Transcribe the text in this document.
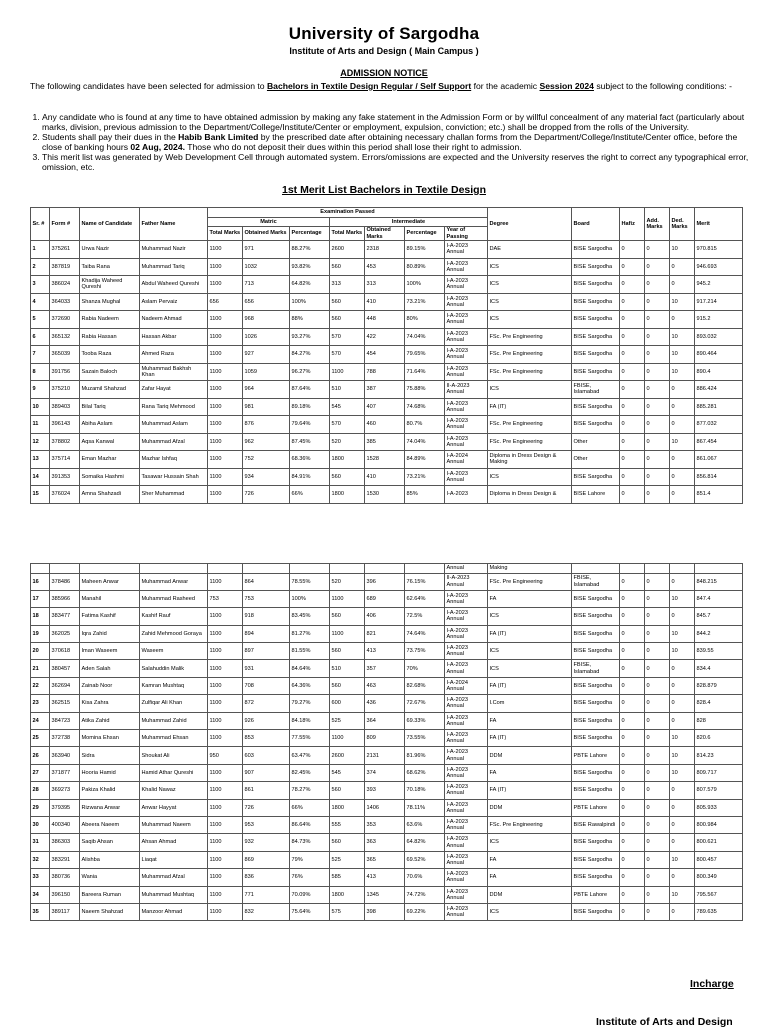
University of Sargodha
Institute of Arts and Design ( Main Campus )
ADMISSION NOTICE
The following candidates have been selected for admission to Bachelors in Textile Design Regular / Self Support for the academic Session 2024 subject to the following conditions: -
1. Any candidate who is found at any time to have obtained admission by making any fake statement in the Admission Form or by willful concealment of any material fact (particularly about marks, division, previous admission to the Department/College/Institute/Center or employment, expulsion, conviction; etc.) shall be dropped from the rolls of the University.
2. Students shall pay their dues in the Habib Bank Limited by the prescribed date after obtaining necessary challan forms from the Department/College/Institute/Center office, before the close of banking hours 02 Aug, 2024. Those who do not deposit their dues within this period shall lose their right to admission.
3. This merit list was generated by Web Development Cell through automated system. Errors/omissions are expected and the University reserves the right to correct any typographical error, omission, etc.
1st Merit List Bachelors in Textile Design
Sr. #	Form #	Name of Candidate	Father Name	Examination Passed							Degree	Board	Hafiz	Add. Marks	Ded. Marks	Merit
				Matric			Intermediate									
				Total Marks	Obtained Marks	Percentage	Total Marks	Obtained Marks	Percentage	Year of Passing						
1	375261	Urwa Nazir	Muhammad Nazir	1100	971	88.27%	2600	2318	89.15%	I-A-2023 Annual	DAE	BISE Sargodha	0	0	10	970.815
2	387819	Taiba Rana	Muhammad Tariq	1100	1032	93.82%	560	453	80.89%	I-A-2023 Annual	ICS	BISE Sargodha	0	0	0	946.693
3	386024	Khadija Waheed Qureshi	Abdul Waheed Qureshi	1100	713	64.82%	313	313	100%	I-A-2023 Annual	ICS	BISE Sargodha	0	0	0	945.2
4	364033	Shanza Mughal	Aslam Pervaiz	656	656	100%	560	410	73.21%	I-A-2023 Annual	ICS	BISE Sargodha	0	0	10	917.214
5	372690	Rabia Nadeem	Nadeem Ahmad	1100	968	88%	560	448	80%	I-A-2023 Annual	ICS	BISE Sargodha	0	0	0	915.2
6	365132	Rabia Hassan	Hassan Akbar	1100	1026	93.27%	570	422	74.04%	I-A-2023 Annual	FSc. Pre Engineering	BISE Sargodha	0	0	10	893.032
7	365039	Tooba Raza	Ahmed Raza	1100	927	84.27%	570	454	79.65%	I-A-2023 Annual	FSc. Pre Engineering	BISE Sargodha	0	0	10	890.464
8	391756	Sazain Baloch	Muhammad Bakhsh Khan	1100	1059	96.27%	1100	788	71.64%	I-A-2023 Annual	FSc. Pre Engineering	BISE Sargodha	0	0	10	890.4
9	375210	Muzamil Shahzad	Zafar Hayat	1100	964	87.64%	510	387	75.88%	II-A-2023 Annual	ICS	FBISE, Islamabad	0	0	0	886.424
10	389403	Bilal Tariq	Rana Tariq Mehmood	1100	981	89.18%	545	407	74.68%	I-A-2023 Annual	FA (IT)	BISE Sargodha	0	0	0	885.281
11	396143	Abiha Aslam	Muhammad Aslam	1100	876	79.64%	570	460	80.7%	I-A-2023 Annual	FSc. Pre Engineering	BISE Sargodha	0	0	0	877.032
12	378802	Aqsa Kanwal	Muhammad Afzal	1100	962	87.45%	520	385	74.04%	I-A-2023 Annual	FSc. Pre Engineering	Other	0	0	10	867.454
13	375714	Eman Mazhar	Mazhar Ishfaq	1100	752	68.36%	1800	1528	84.89%	I-A-2024 Annual	Diploma in Dress Design & Making	Other	0	0	0	861.067
14	391353	Somaika Hashmi	Tasawar Hussain Shah	1100	934	84.91%	560	410	73.21%	I-A-2023 Annual	ICS	BISE Sargodha	0	0	0	856.814
15	376024	Amna Shahzadi	Sher Muhammad	1100	726	66%	1800	1530	85%	I-A-2023	Diploma in Dress Design &	BISE Lahore	0	0	0	851.4
										Annual	Making					
16	378486	Maheen Anwar	Muhammad Anwar	1100	864	78.55%	520	396	76.15%	II-A-2023 Annual	FSc. Pre Engineering	FBISE, Islamabad	0	0	0	848.215
17	385966	Manahil	Muhammad Rasheed	753	753	100%	1100	689	62.64%	I-A-2023 Annual	FA	BISE Sargodha	0	0	10	847.4
18	383477	Fatima Kashif	Kashif Rauf	1100	918	83.45%	560	406	72.5%	I-A-2023 Annual	ICS	BISE Sargodha	0	0	0	845.7
19	362025	Iqra Zahid	Zahid Mehmood Goraya	1100	894	81.27%	1100	821	74.64%	I-A-2023 Annual	FA (IT)	BISE Sargodha	0	0	10	844.2
20	370618	Iman Waseem	Waseem	1100	897	81.55%	560	413	73.75%	I-A-2023 Annual	ICS	BISE Sargodha	0	0	10	839.55
21	380457	Aden Salah	Salahuddin Malik	1100	931	84.64%	510	357	70%	I-A-2023 Annual	ICS	FBISE, Islamabad	0	0	0	834.4
22	362694	Zainab Noor	Kamran Mushtaq	1100	708	64.36%	560	463	82.68%	I-A-2024 Annual	FA (IT)	BISE Sargodha	0	0	0	828.879
23	362515	Kisa Zahra	Zulfiqar Ali Khan	1100	872	79.27%	600	436	72.67%	I-A-2023 Annual	I.Com	BISE Sargodha	0	0	0	828.4
24	384723	Atika Zahid	Muhammad Zahid	1100	926	84.18%	525	364	69.33%	I-A-2023 Annual	FA	BISE Sargodha	0	0	0	828
25	372738	Momina Ehsan	Muhammad Ehsan	1100	853	77.55%	1100	809	73.55%	I-A-2023 Annual	FA (IT)	BISE Sargodha	0	0	10	820.6
26	363940	Sidra	Shoukat Ali	950	603	63.47%	2600	2131	81.96%	I-A-2023 Annual	DDM	PBTE Lahore	0	0	10	814.23
27	371877	Hooria Hamid	Hamid Athar Qureshi	1100	907	82.45%	545	374	68.62%	I-A-2023 Annual	FA	BISE Sargodha	0	0	10	809.717
28	369273	Pakiza Khalid	Khalid Nawaz	1100	861	78.27%	560	393	70.18%	I-A-2023 Annual	FA (IT)	BISE Sargodha	0	0	0	807.579
29	379395	Rizwana Anwar	Anwar Hayyat	1100	726	66%	1800	1406	78.11%	I-A-2023 Annual	DDM	PBTE Lahore	0	0	0	805.933
30	400340	Abeera Naeem	Muhammad Naeem	1100	953	86.64%	555	353	63.6%	I-A-2023 Annual	FSc. Pre Engineering	BISE Rawalpindi	0	0	0	800.984
31	386303	Saqib Ahsan	Ahsan Ahmad	1100	932	84.73%	560	363	64.82%	I-A-2023 Annual	ICS	BISE Sargodha	0	0	0	800.621
32	383291	Alishba	Liaqat	1100	869	79%	525	365	69.52%	I-A-2023 Annual	FA	BISE Sargodha	0	0	10	800.457
33	380736	Wania	Muhammad Afzal	1100	836	76%	585	413	70.6%	I-A-2023 Annual	FA	BISE Sargodha	0	0	0	800.349
34	396150	Bareera Ruman	Muhammad Mushtaq	1100	771	70.09%	1800	1345	74.72%	I-A-2023 Annual	DDM	PBTE Lahore	0	0	10	795.567
35	389117	Naeem Shahzad	Manzoor Ahmad	1100	832	75.64%	575	398	69.22%	I-A-2023 Annual	ICS	BISE Sargodha	0	0	0	789.635
Incharge
Institute of Arts and Design
